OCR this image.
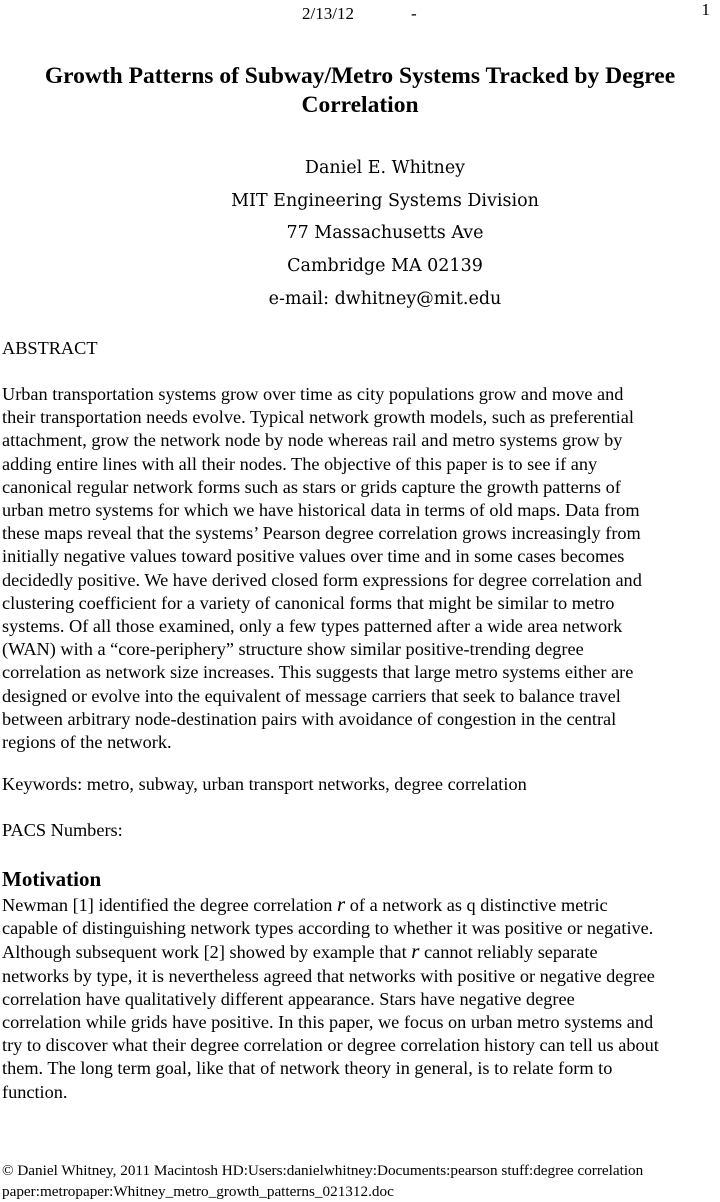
2/13/12	-	1
Growth Patterns of Subway/Metro Systems Tracked by Degree
Correlation
Daniel E. Whitney
MIT Engineering Systems Division
77 Massachusetts Ave
Cambridge MA 02139
e-mail: dwhitney@mit.edu
ABSTRACT
Urban transportation systems grow over time as city populations grow and move and
their transportation needs evolve. Typical network growth models, such as preferential
attachment, grow the network node by node whereas rail and metro systems grow by
adding entire lines with all their nodes. The objective of this paper is to see if any
canonical regular network forms such as stars or grids capture the growth patterns of
urban metro systems for which we have historical data in terms of old maps. Data from
these maps reveal that the systems’ Pearson degree correlation grows increasingly from
initially negative values toward positive values over time and in some cases becomes
decidedly positive. We have derived closed form expressions for degree correlation and
clustering coefficient for a variety of canonical forms that might be similar to metro
systems. Of all those examined, only a few types patterned after a wide area network
(WAN) with a “core-periphery” structure show similar positive-trending degree
correlation as network size increases. This suggests that large metro systems either are
designed or evolve into the equivalent of message carriers that seek to balance travel
between arbitrary node-destination pairs with avoidance of congestion in the central
regions of the network.
Keywords: metro, subway, urban transport networks, degree correlation
PACS Numbers:
Motivation
Newman [1] identified the degree correlation r of a network as q distinctive metric
capable of distinguishing network types according to whether it was positive or negative.
Although subsequent work [2] showed by example that r cannot reliably separate
networks by type, it is nevertheless agreed that networks with positive or negative degree
correlation have qualitatively different appearance. Stars have negative degree
correlation while grids have positive. In this paper, we focus on urban metro systems and
try to discover what their degree correlation or degree correlation history can tell us about
them. The long term goal, like that of network theory in general, is to relate form to
function.
© Daniel Whitney, 2011 Macintosh HD:Users:danielwhitney:Documents:pearson stuff:degree correlation
paper:metropaper:Whitney_metro_growth_patterns_021312.doc
